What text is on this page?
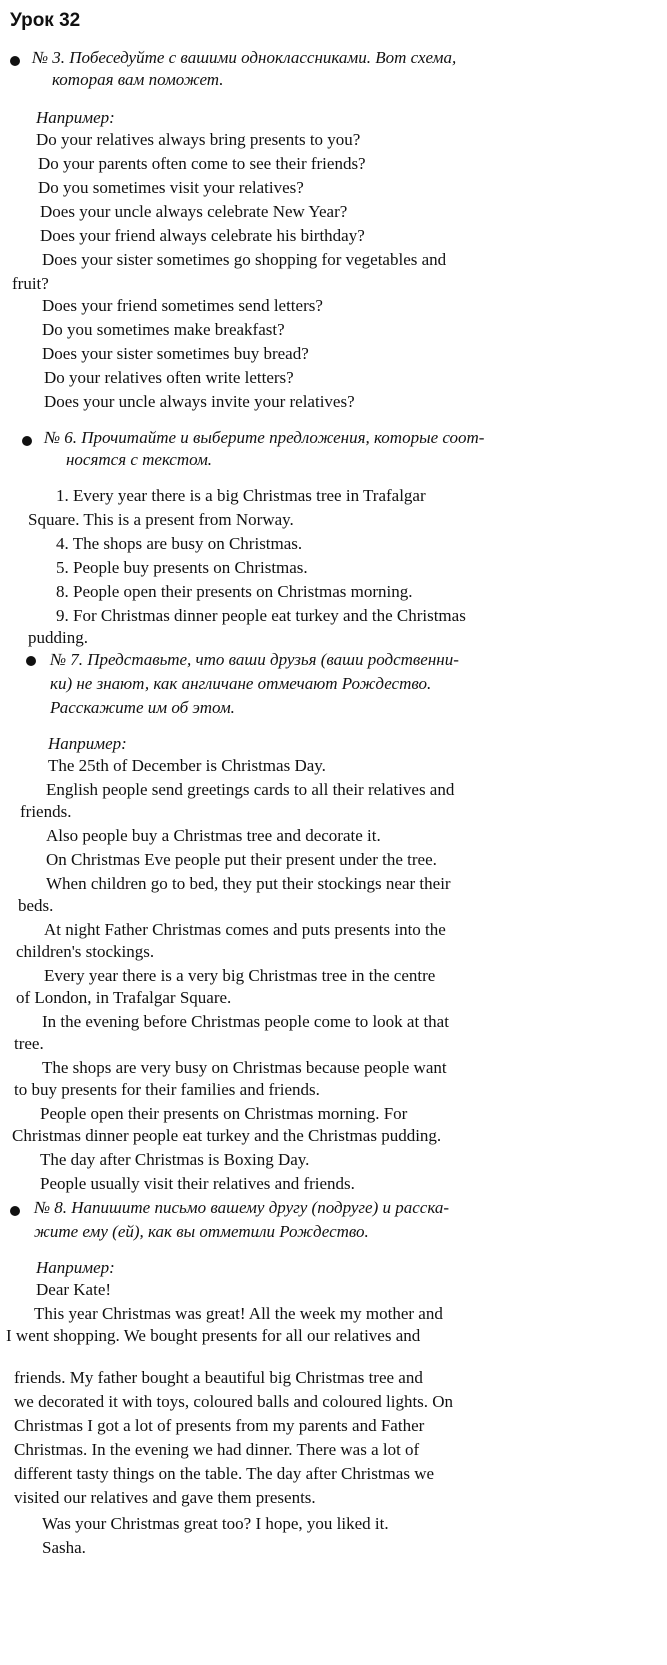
Урок 32

№ 3. Побеседуйте с вашими одноклассниками. Вот схема,

которая вам поможет.

Например:

Do your relatives always bring presents to you?

Do your parents often come to see their friends?

Do you sometimes visit your relatives?

Does your uncle always celebrate New Year?

Does your friend always celebrate his birthday?

Does your sister sometimes go shopping for vegetables and

fruit?

Does your friend sometimes send letters?

Do you sometimes make breakfast?

Does your sister sometimes buy bread?

Do your relatives often write letters?

Does your uncle always invite your relatives?

№ 6. Прочитайте и выберите предложения, которые соот-

носятся с текстом.

1. Every year there is a big Christmas tree in Trafalgar

Square. This is a present from Norway.

4. The shops are busy on Christmas.

5. People buy presents on Christmas.

8. People open their presents on Christmas morning.

9. For Christmas dinner people eat turkey and the Christmas

pudding.

№ 7. Представьте, что ваши друзья (ваши родственни-

ки) не знают, как англичане отмечают Рождество.

Расскажите им об этом.

Например:

The 25th of December is Christmas Day.

English people send greetings cards to all their relatives and

friends.

Also people buy a Christmas tree and decorate it.

On Christmas Eve people put their present under the tree.

When children go to bed, they put their stockings near their

beds.

At night Father Christmas comes and puts presents into the

children's stockings.

Every year there is a very big Christmas tree in the centre

of London, in Trafalgar Square.

In the evening before Christmas people come to look at that

tree.

The shops are very busy on Christmas because people want

to buy presents for their families and friends.

People open their presents on Christmas morning. For

Christmas dinner people eat turkey and the Christmas pudding.

The day after Christmas is Boxing Day.

People usually visit their relatives and friends.

№ 8. Напишите письмо вашему другу (подруге) и расска-

жите ему (ей), как вы отметили Рождество.

Например:

Dear Kate!

This year Christmas was great! All the week my mother and

I went shopping. We bought presents for all our relatives and

friends. My father bought a beautiful big Christmas tree and

we decorated it with toys, coloured balls and coloured lights. On

Christmas I got a lot of presents from my parents and Father

Christmas. In the evening we had dinner. There was a lot of

different tasty things on the table. The day after Christmas we

visited our relatives and gave them presents.

Was your Christmas great too? I hope, you liked it.

Sasha.
